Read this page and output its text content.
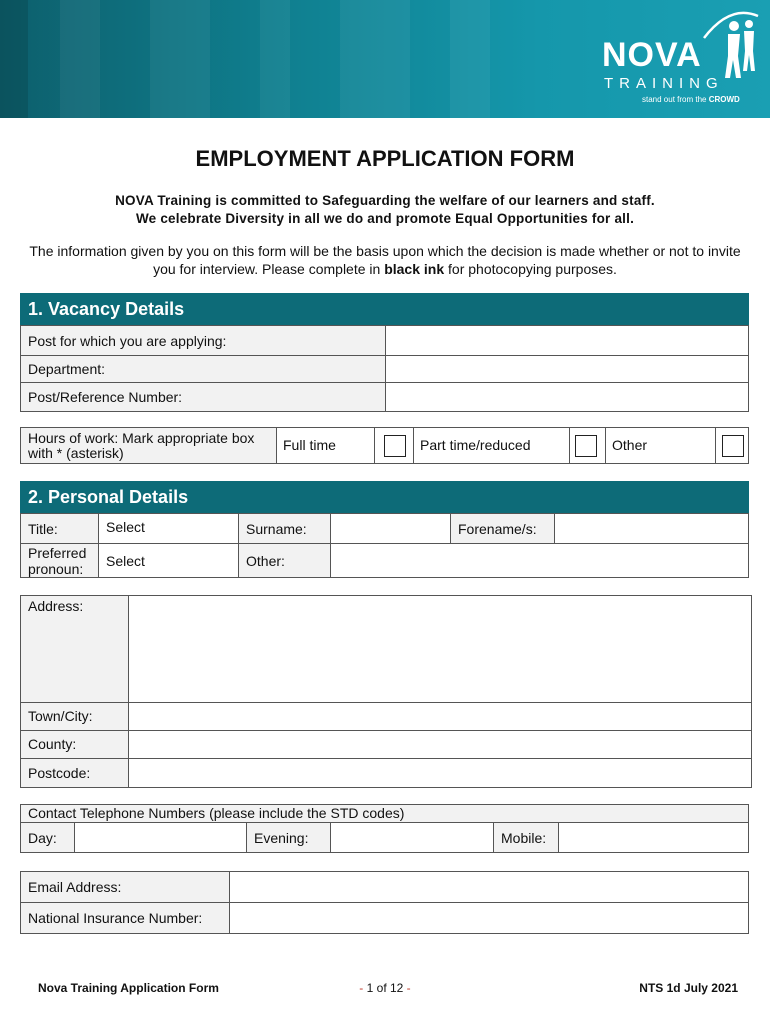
NOVA
TRAINING
stand out from the CROWD
EMPLOYMENT APPLICATION FORM
NOVA Training is committed to Safeguarding the welfare of our learners and staff.
We celebrate Diversity in all we do and promote Equal Opportunities for all.
The information given by you on this form will be the basis upon which the decision is made whether or not to invite you for interview. Please complete in black ink for photocopying purposes.
1. Vacancy Details
Post for which you are applying:
Department:
Post/Reference Number:
Hours of work: Mark appropriate box with * (asterisk)	Full time	Part time/reduced	Other
2. Personal Details
Title:	Select	Surname:	Forename/s:
Preferred pronoun:	Select	Other:
Address:
Town/City:
County:
Postcode:
Contact Telephone Numbers (please include the STD codes)
Day:	Evening:	Mobile:
Email Address:
National Insurance Number:
Nova Training Application Form	- 1 of 12 -	NTS 1d July 2021
